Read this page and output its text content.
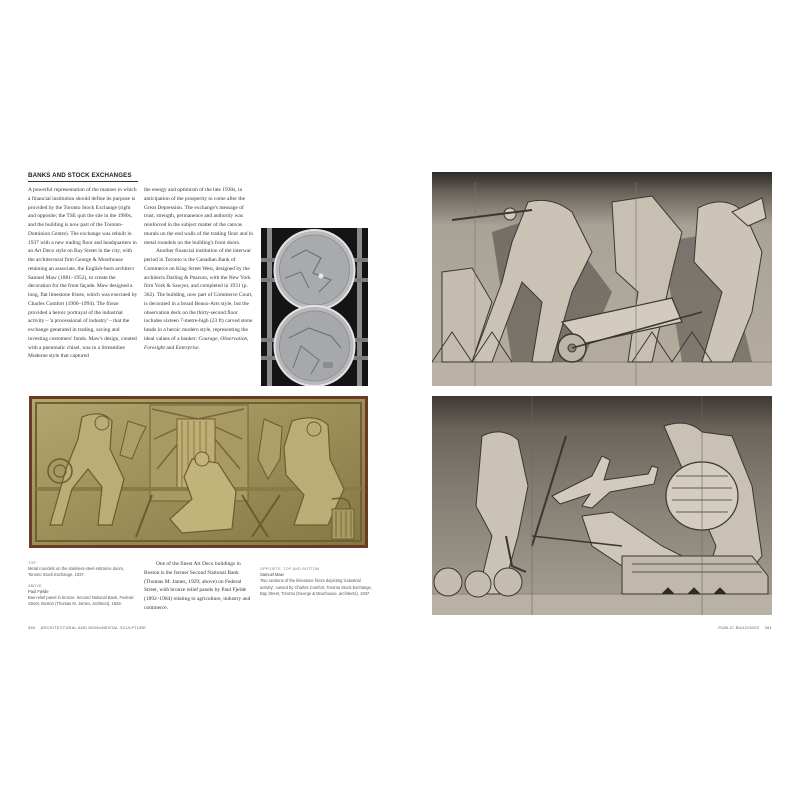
BANKS AND STOCK EXCHANGES

A powerful representation of the manner in which a financial institution should define its purpose is provided by the Toronto Stock Exchange (right and opposite; the TSE quit the site in the 1980s, and the building is now part of the Toronto-Dominion Centre). The exchange was rebuilt in 1937 with a new trading floor and headquarters in an Art Deco style on Bay Street in the city, with the architectural firm George & Moorhouse retaining an associate, the English-born architect Samuel Maw (1881–1952), to create the decoration for the front façade. Maw designed a long, flat limestone frieze, which was executed by Charles Comfort (1900–1994). The frieze provided a heroic portrayal of the industrial activity – 'a processional of industry' – that the exchange generated in trading, saving and investing customers' funds. Maw's design, created with a pneumatic chisel, was in a Streamline Moderne style that captured

the energy and optimism of the late 1930s, in anticipation of the prosperity to come after the Great Depression. The exchange's message of trust, strength, permanence and authority was reinforced in the subject matter of the canvas murals on the end walls of the trading floor and in metal roundels on the building's front doors.

Another financial institution of the interwar period in Toronto is the Canadian Bank of Commerce on King Street West, designed by the architects Darling & Pearson, with the New York firm York & Sawyer, and completed in 1931 (p. 362). The building, now part of Commerce Court, is decorated in a broad Beaux-Arts style, but the observation deck on the thirty-second floor includes sixteen 7-metre-high (23 ft) carved stone heads in a heroic modern style, representing the ideal values of a banker: Courage, Observation, Foresight and Enterprise.

TOP
Metal roundels on the stainless-steel entrance doors, Toronto Stock Exchange, 1937.
ABOVE
Paul Fjelde
Bas-relief panel in bronze, Second National Bank, Federal Street, Boston (Thomas M. James, architect), 1929.

One of the finest Art Deco buildings in Boston is the former Second National Bank (Thomas M. James, 1929; above) on Federal Street, with bronze relief panels by Paul Fjelde (1892–1984) relating to agriculture, industry and commerce.

OPPOSITE, TOP AND BOTTOM
Samuel Maw
Two sections of the limestone frieze depicting 'industrial activity', carved by Charles Comfort, Toronto Stock Exchange, Bay Street, Toronto (George & Moorhouse, architects), 1937.
360 ARCHITECTURAL AND MONUMENTAL SCULPTURE	PUBLIC BUILDINGS 361
